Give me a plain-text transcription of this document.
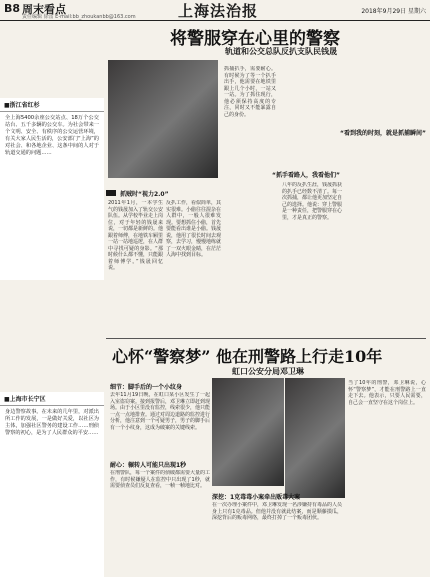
B8 周末看点
责任编辑 徐雷 E-mail:bb_zhoukanbb@163.com	上海法治报	2018年9月29日 星期六
■浙江省红杉
全上海5400余座公交站点、18万个公交站台、五千多辆的公交车。为社会带来一个文明、安全、有秩序的公交运营环境，有关大家人民生活的，公安部门“上海”的对社会、和各地企业、这条中间的人对于轨道交通的问题……
■上海市长宁区
身边警察故事。在未来的几年里，对派出所工作的发展，一是做好关爱，以社区为主体，加强社区警务的建设工作……刑侦警察的初心，是为了人民群众的平安……
将警服穿在心里的警察
轨道和公交总队反扒支队民钱晟
抓贼时“视力2.0”
2011年1月，一本学生气的钱晟加入了轨交公安队伍。从学校毕业走上岗位，对于年轻的钱晟来说，一切都是新鲜的。他跟着师傅，在地铁车厢里一站一站地巡逻，在人群中寻找可疑的身影。“那时候什么都不懂，只能跟着师傅学。”钱晟回忆说。
反扒工作，看似简单，其实很难。小偷往往混杂在人群中，一般人很难发现。要想抓住小偷，首先要能看出谁是小偷。钱晟说，他用了很长时间去观察，去学习，慢慢地练就了一双火眼金睛，在茫茫人海中找到目标。
抓捕扒手，需要耐心。有时候为了等一个扒手出手，他需要在地铁里跟上几个小时，一站又一站。为了抓住现行，他必须保持高度的专注，同时又不能暴露自己的身份。
“抓手看路人，我看他们”
八年的反扒生涯，钱晟抓获的扒手已经数不清了。每一次抓捕，都让他更加坚定自己的选择。他说：穿上警服是一种责任，把警服穿在心里，才是真正的警察。
“看到我的时刻，就是抓捕瞬间”
心怀“警察梦” 他在刑警路上行走10年
虹口公安分局邓卫琳
细节：脚手后的一个小纹身
去年11月19日晚，在虹口某小区发生了一起入室盗窃案。接到报警后，邓卫琳立即赶到现场。由于小区里没有监控，线索很少，他只能一点一点地排查。通过对周边道路的监控进行分析，他注意到一个可疑男子，男子的脚手后有一个小纹身，这成为破案的关键线索。
耐心：辗转人可能只出现1秒
在刑警队，每一个案件的侦破都需要大量的工作，有时候嫌疑人在监控中只出现了1秒，就需要侦查员们反复查看，一帧一帧地比对。
深挖：1克毒毒小案牵出贩毒大案
在一次办理小案件中，邓卫琳发现一名涉嫌持有毒品的人员身上只有1克毒品。但他并没有就此结案，而是顺藤摸瓜，深挖背后的贩毒网络，最终打掉了一个贩毒团伙。
当了10年的刑警，邓卫琳说，心怀“警察梦”，才能在刑警路上一直走下去。他表示，只要人民需要，自己会一直坚守在这个岗位上。
